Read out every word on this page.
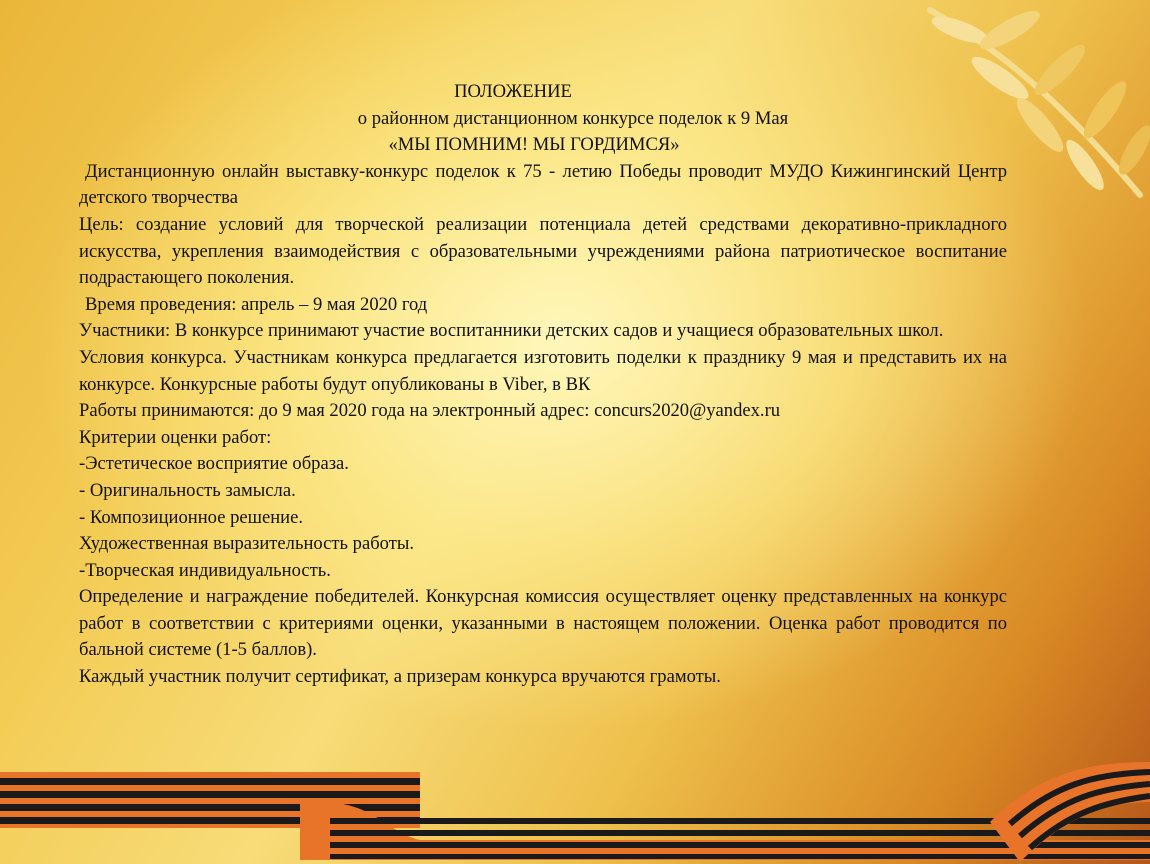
ПОЛОЖЕНИЕ

о районном дистанционном конкурсе поделок к 9 Мая

«МЫ ПОМНИМ! МЫ ГОРДИМСЯ»

Дистанционную онлайн выставку-конкурс поделок к 75 - летию Победы проводит МУДО Кижингинский Центр детского творчества

Цель: создание условий для творческой реализации потенциала детей средствами декоративно-прикладного искусства, укрепления взаимодействия с образовательными учреждениями района патриотическое воспитание подрастающего поколения.

Время проведения: апрель – 9 мая 2020 год

Участники: В конкурсе принимают участие воспитанники детских садов и учащиеся образовательных школ.

Условия конкурса. Участникам конкурса предлагается изготовить поделки к празднику 9 мая и представить их на конкурсе. Конкурсные работы будут опубликованы в Viber, в ВК

Работы принимаются: до 9 мая 2020 года на электронный адрес: concurs2020@yandex.ru

Критерии оценки работ:

-Эстетическое восприятие образа.

- Оригинальность замысла.

- Композиционное решение.

Художественная выразительность работы.

-Творческая индивидуальность.

Определение и награждение победителей. Конкурсная комиссия осуществляет оценку представленных на конкурс работ в соответствии с критериями оценки, указанными в настоящем положении. Оценка работ проводится по бальной системе (1-5 баллов).

Каждый участник получит сертификат, а призерам конкурса вручаются грамоты.
